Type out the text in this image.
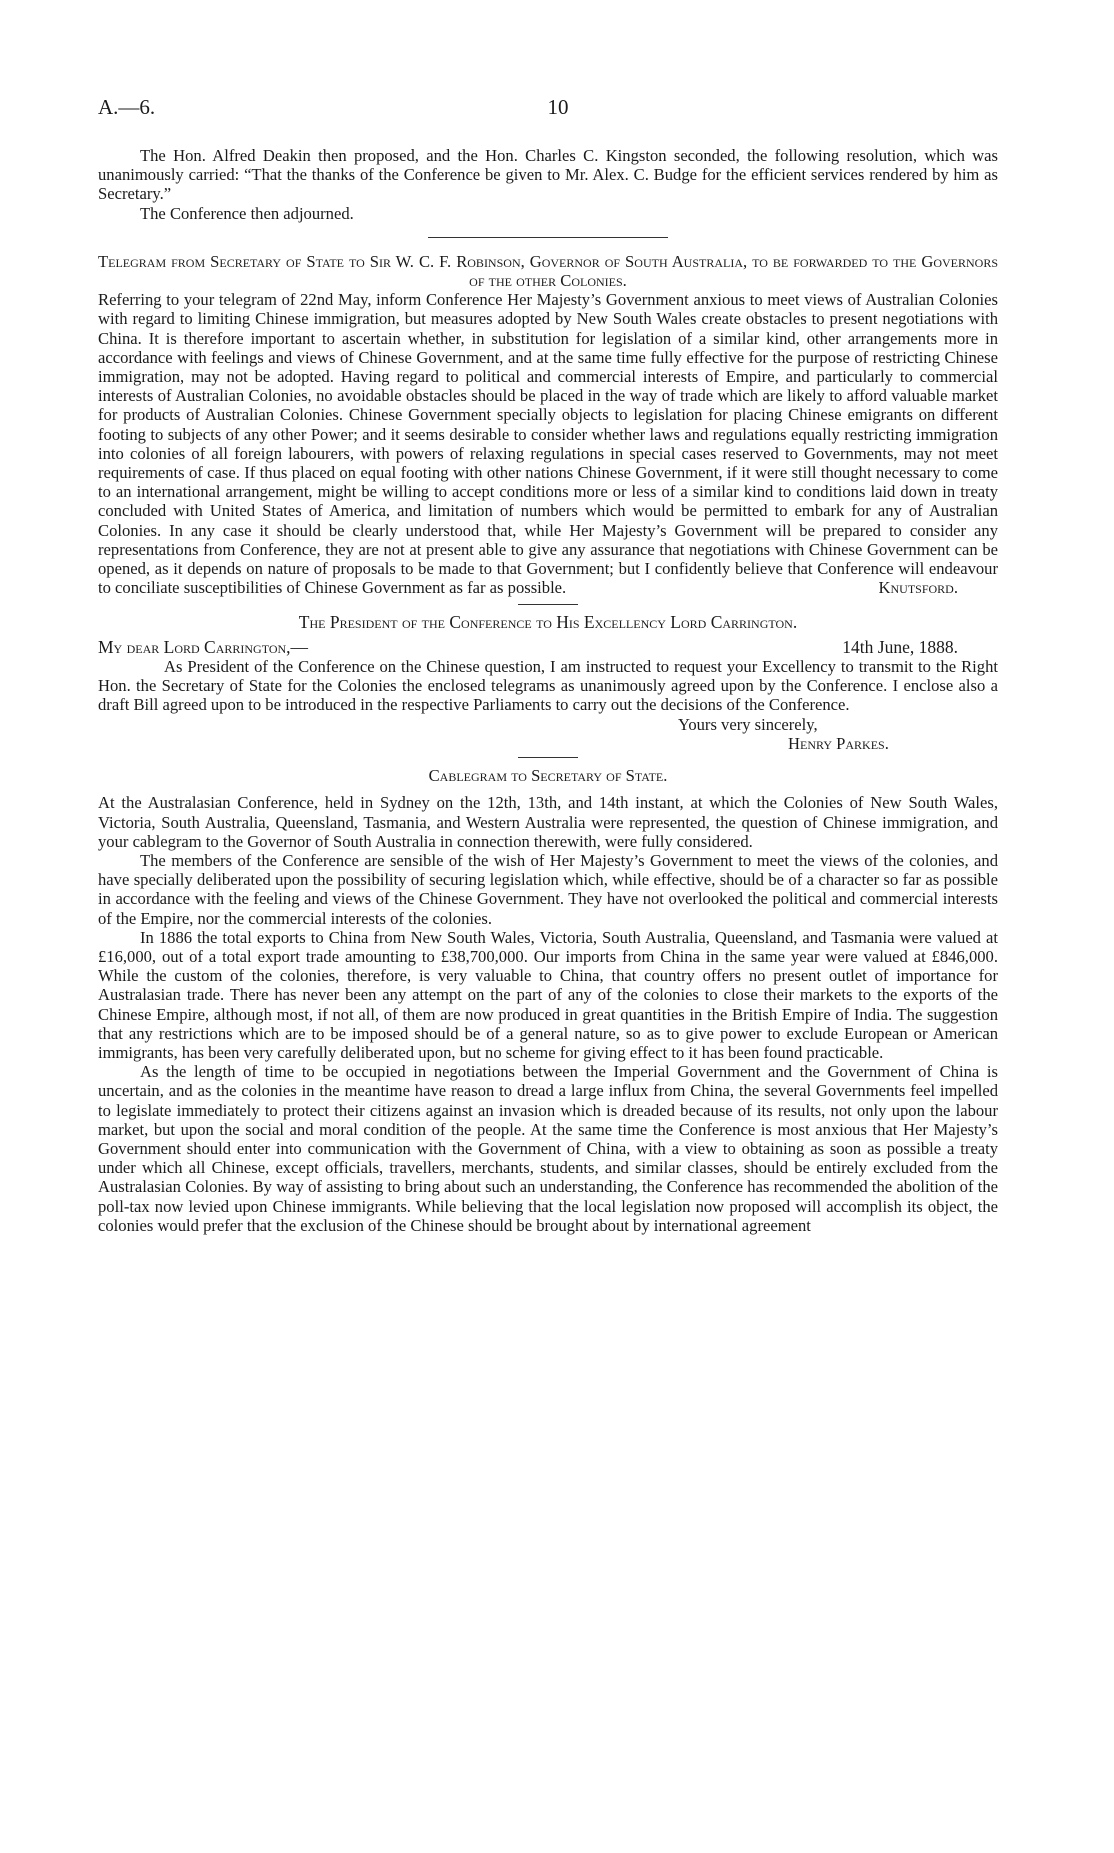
A.—6.	10

The Hon. Alfred Deakin then proposed, and the Hon. Charles C. Kingston seconded, the following resolution, which was unanimously carried: “That the thanks of the Conference be given to Mr. Alex. C. Budge for the efficient services rendered by him as Secretary.”

The Conference then adjourned.

Telegram from Secretary of State to Sir W. C. F. Robinson, Governor of South Australia, to be forwarded to the Governors of the other Colonies.

Referring to your telegram of 22nd May, inform Conference Her Majesty’s Government anxious to meet views of Australian Colonies with regard to limiting Chinese immigration, but measures adopted by New South Wales create obstacles to present negotiations with China. It is therefore important to ascertain whether, in substitution for legislation of a similar kind, other arrangements more in accordance with feelings and views of Chinese Government, and at the same time fully effective for the purpose of restricting Chinese immigration, may not be adopted. Having regard to political and commercial interests of Empire, and particularly to commercial interests of Australian Colonies, no avoidable obstacles should be placed in the way of trade which are likely to afford valuable market for products of Australian Colonies. Chinese Government specially objects to legislation for placing Chinese emigrants on different footing to subjects of any other Power; and it seems desirable to consider whether laws and regulations equally restricting immigration into colonies of all foreign labourers, with powers of relaxing regulations in special cases reserved to Governments, may not meet requirements of case. If thus placed on equal footing with other nations Chinese Government, if it were still thought necessary to come to an international arrangement, might be willing to accept conditions more or less of a similar kind to conditions laid down in treaty concluded with United States of America, and limitation of numbers which would be permitted to embark for any of Australian Colonies. In any case it should be clearly understood that, while Her Majesty’s Government will be prepared to consider any representations from Conference, they are not at present able to give any assurance that negotiations with Chinese Government can be opened, as it depends on nature of proposals to be made to that Government; but I confidently believe that Conference will endeavour to conciliate susceptibilities of Chinese Government as far as possible.	Knutsford.

The President of the Conference to His Excellency Lord Carrington.

My dear Lord Carrington,—	14th June, 1888.

As President of the Conference on the Chinese question, I am instructed to request your Excellency to transmit to the Right Hon. the Secretary of State for the Colonies the enclosed telegrams as unanimously agreed upon by the Conference. I enclose also a draft Bill agreed upon to be introduced in the respective Parliaments to carry out the decisions of the Conference.

Yours very sincerely,

Henry Parkes.

Cablegram to Secretary of State.

At the Australasian Conference, held in Sydney on the 12th, 13th, and 14th instant, at which the Colonies of New South Wales, Victoria, South Australia, Queensland, Tasmania, and Western Australia were represented, the question of Chinese immigration, and your cablegram to the Governor of South Australia in connection therewith, were fully considered.

The members of the Conference are sensible of the wish of Her Majesty’s Government to meet the views of the colonies, and have specially deliberated upon the possibility of securing legislation which, while effective, should be of a character so far as possible in accordance with the feeling and views of the Chinese Government. They have not overlooked the political and commercial interests of the Empire, nor the commercial interests of the colonies.

In 1886 the total exports to China from New South Wales, Victoria, South Australia, Queensland, and Tasmania were valued at £16,000, out of a total export trade amounting to £38,700,000. Our imports from China in the same year were valued at £846,000. While the custom of the colonies, therefore, is very valuable to China, that country offers no present outlet of importance for Australasian trade. There has never been any attempt on the part of any of the colonies to close their markets to the exports of the Chinese Empire, although most, if not all, of them are now produced in great quantities in the British Empire of India. The suggestion that any restrictions which are to be imposed should be of a general nature, so as to give power to exclude European or American immigrants, has been very carefully deliberated upon, but no scheme for giving effect to it has been found practicable.

As the length of time to be occupied in negotiations between the Imperial Government and the Government of China is uncertain, and as the colonies in the meantime have reason to dread a large influx from China, the several Governments feel impelled to legislate immediately to protect their citizens against an invasion which is dreaded because of its results, not only upon the labour market, but upon the social and moral condition of the people. At the same time the Conference is most anxious that Her Majesty’s Government should enter into communication with the Government of China, with a view to obtaining as soon as possible a treaty under which all Chinese, except officials, travellers, merchants, students, and similar classes, should be entirely excluded from the Australasian Colonies. By way of assisting to bring about such an understanding, the Conference has recommended the abolition of the poll-tax now levied upon Chinese immigrants. While believing that the local legislation now proposed will accomplish its object, the colonies would prefer that the exclusion of the Chinese should be brought about by international agreement
